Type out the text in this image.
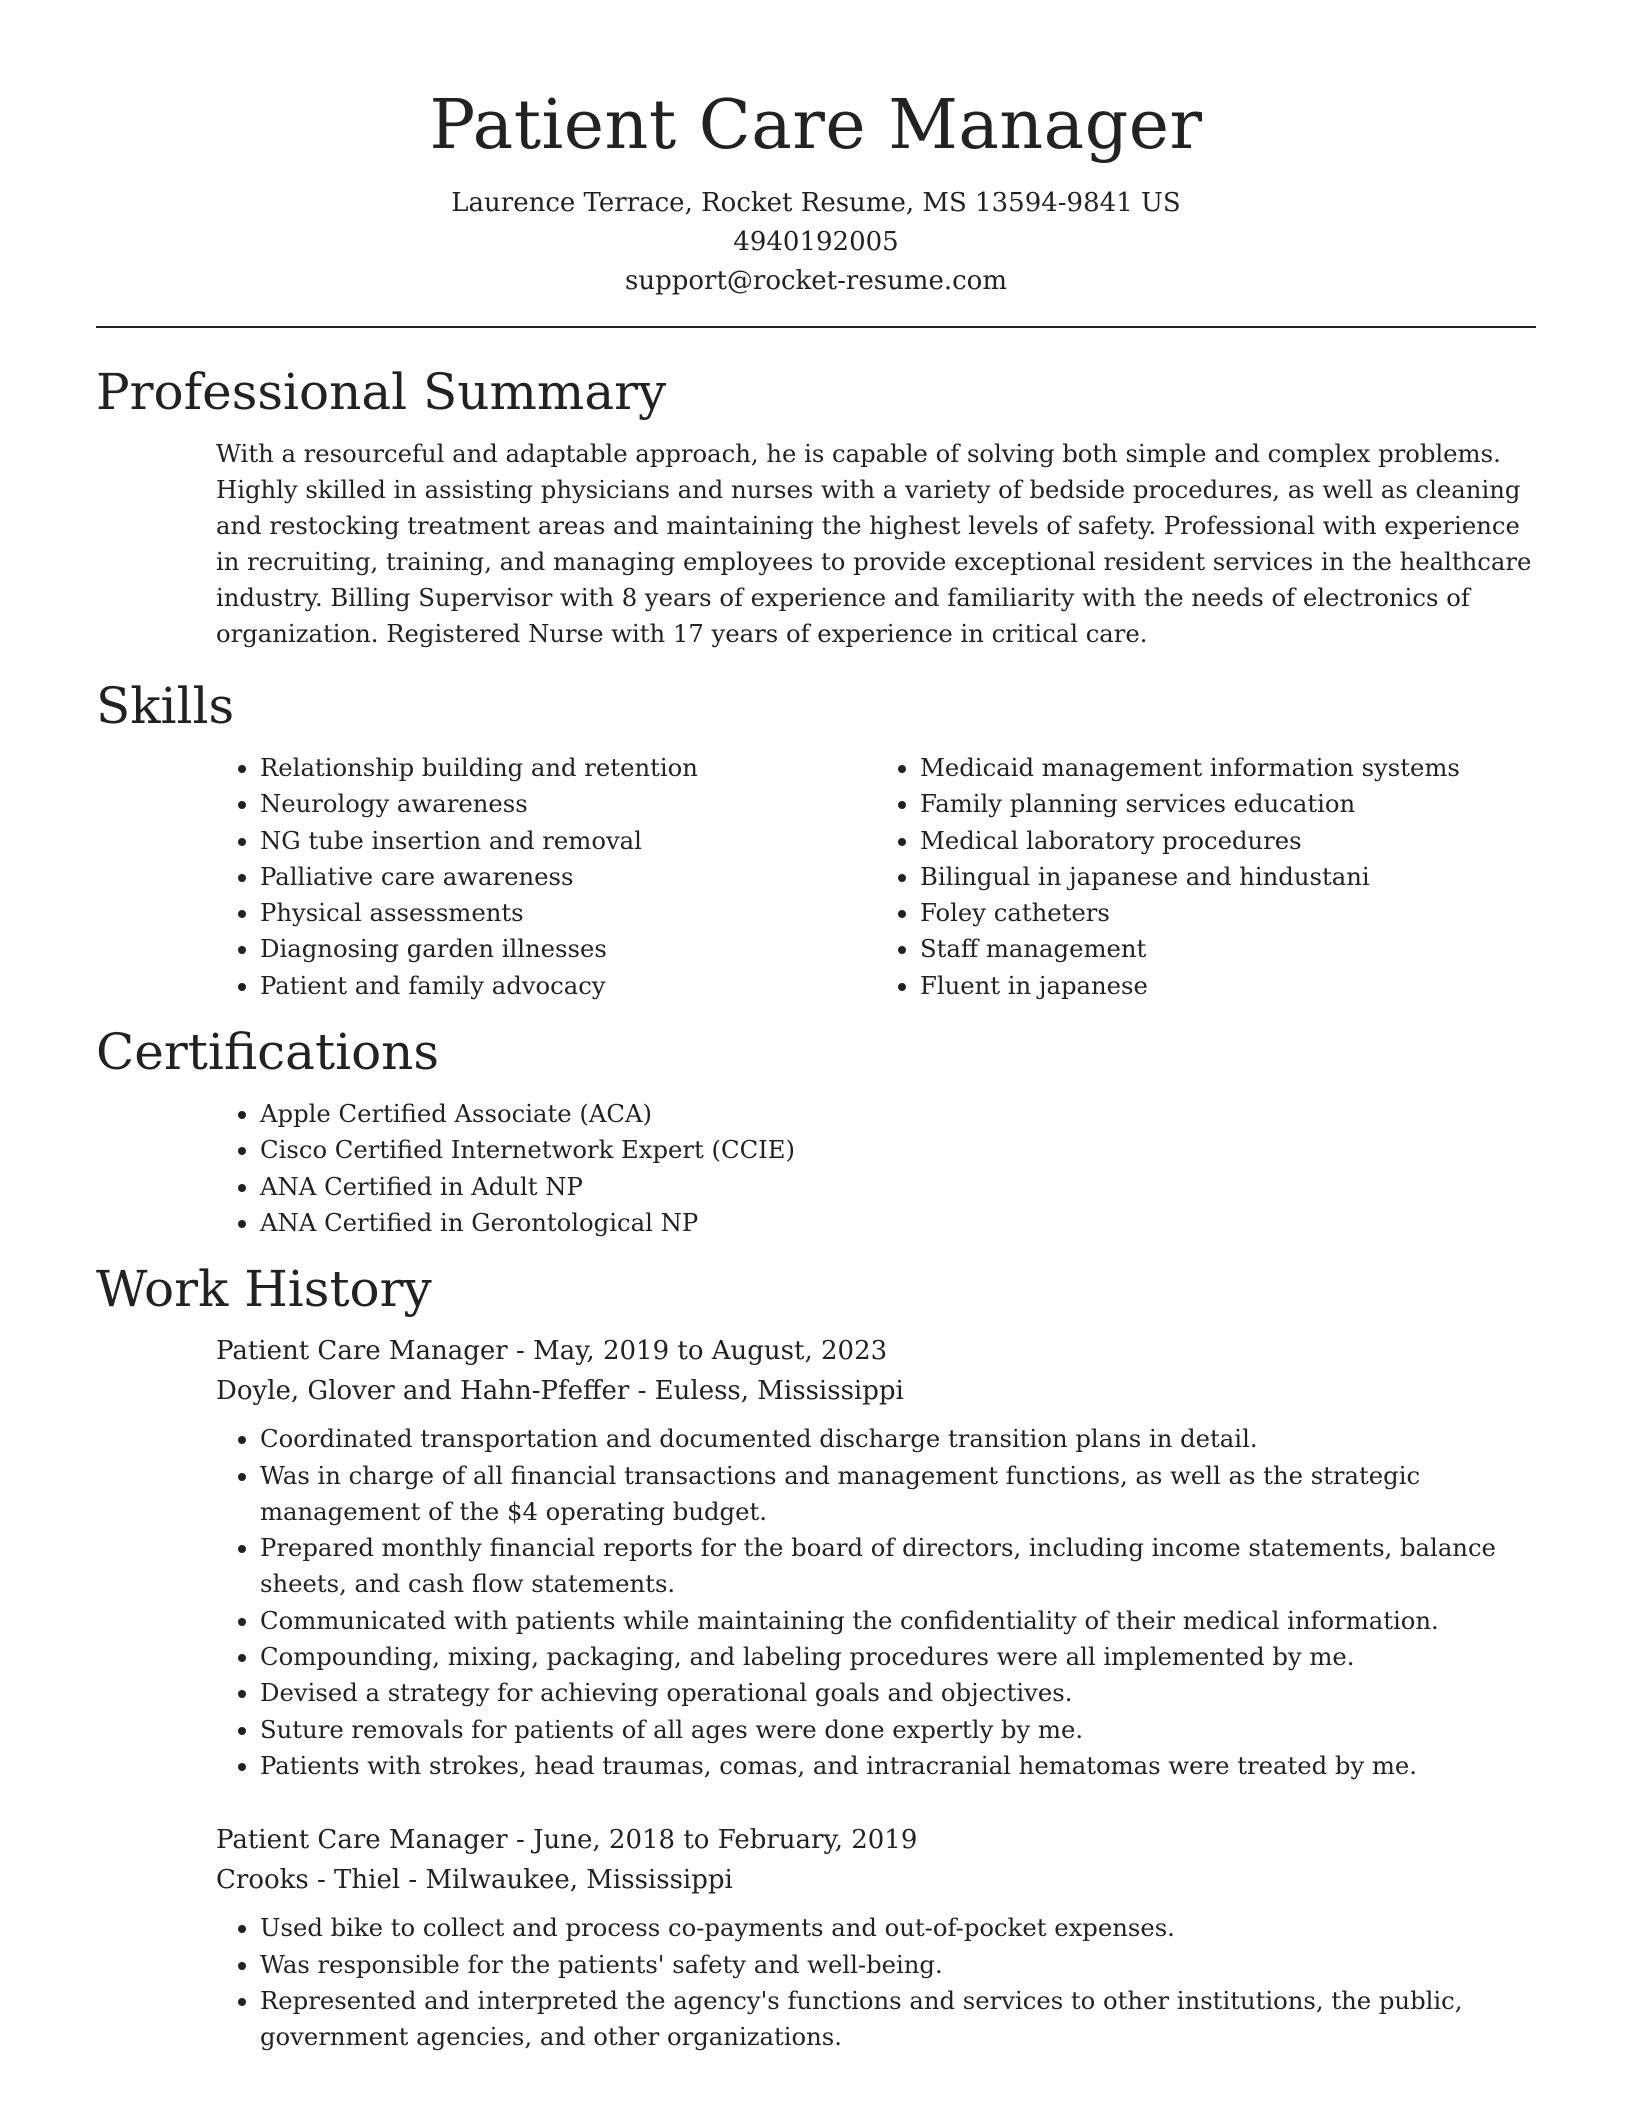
Patient Care Manager
Laurence Terrace, Rocket Resume, MS 13594-9841 US
4940192005
support@rocket-resume.com
Professional Summary

With a resourceful and adaptable approach, he is capable of solving both simple and complex problems. Highly skilled in assisting physicians and nurses with a variety of bedside procedures, as well as cleaning and restocking treatment areas and maintaining the highest levels of safety. Professional with experience in recruiting, training, and managing employees to provide exceptional resident services in the healthcare industry. Billing Supervisor with 8 years of experience and familiarity with the needs of electronics of organization. Registered Nurse with 17 years of experience in critical care.

Skills
• Relationship building and retention
• Neurology awareness
• NG tube insertion and removal
• Palliative care awareness
• Physical assessments
• Diagnosing garden illnesses
• Patient and family advocacy
• Medicaid management information systems
• Family planning services education
• Medical laboratory procedures
• Bilingual in japanese and hindustani
• Foley catheters
• Staff management
• Fluent in japanese
Certifications
• Apple Certified Associate (ACA)
• Cisco Certified Internetwork Expert (CCIE)
• ANA Certified in Adult NP
• ANA Certified in Gerontological NP
Work History
Patient Care Manager - May, 2019 to August, 2023
Doyle, Glover and Hahn-Pfeffer - Euless, Mississippi
• Coordinated transportation and documented discharge transition plans in detail.
• Was in charge of all financial transactions and management functions, as well as the strategic management of the $4 operating budget.
• Prepared monthly financial reports for the board of directors, including income statements, balance sheets, and cash flow statements.
• Communicated with patients while maintaining the confidentiality of their medical information.
• Compounding, mixing, packaging, and labeling procedures were all implemented by me.
• Devised a strategy for achieving operational goals and objectives.
• Suture removals for patients of all ages were done expertly by me.
• Patients with strokes, head traumas, comas, and intracranial hematomas were treated by me.
Patient Care Manager - June, 2018 to February, 2019
Crooks - Thiel - Milwaukee, Mississippi
• Used bike to collect and process co-payments and out-of-pocket expenses.
• Was responsible for the patients' safety and well-being.
• Represented and interpreted the agency's functions and services to other institutions, the public, government agencies, and other organizations.
